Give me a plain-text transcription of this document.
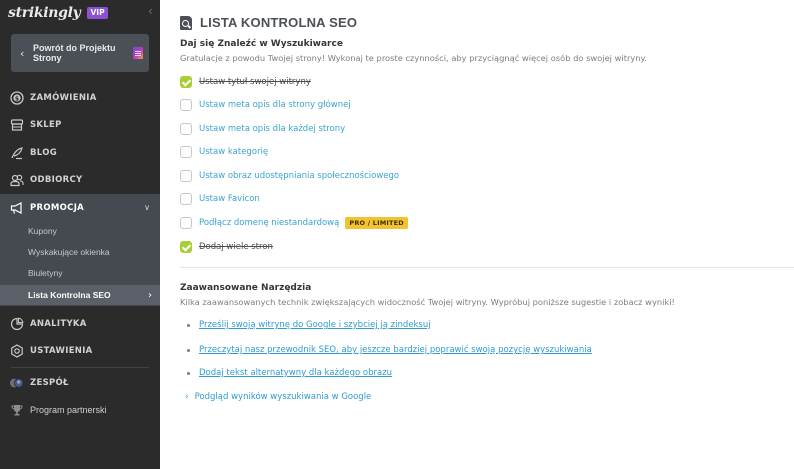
strikingly	VIP	‹
‹ Powrót do Projektu Strony
$ ZAMÓWIENIA
SKLEP
BLOG
ODBIORCY
PROMOCJA	∨
Kupony
Wyskakujące okienka
Biuletyny
Lista Kontrolna SEO	›
ANALITYKA
USTAWIENIA
ZESPÓŁ
Program partnerski
LISTA KONTROLNA SEO
Daj się Znaleźć w Wyszukiwarce
Gratulacje z powodu Twojej strony! Wykonaj te proste czynności, aby przyciągnąć więcej osób do swojej witryny.
Ustaw tytuł swojej witryny
Ustaw meta opis dla strony głównej
Ustaw meta opis dla każdej strony
Ustaw kategorię
Ustaw obraz udostępniania społecznościowego
Ustaw Favicon
Podłącz domenę niestandardową	PRO / LIMITED
Dodaj wiele stron
Zaawansowane Narzędzia
Kilka zaawansowanych technik zwiększających widoczność Twojej witryny. Wypróbuj poniższe sugestie i zobacz wyniki!
Prześlij swoją witrynę do Google i szybciej ją zindeksuj
Przeczytaj nasz przewodnik SEO, aby jeszcze bardziej poprawić swoją pozycję wyszukiwania
Dodaj tekst alternatywny dla każdego obrazu
› Podgląd wyników wyszukiwania w Google
